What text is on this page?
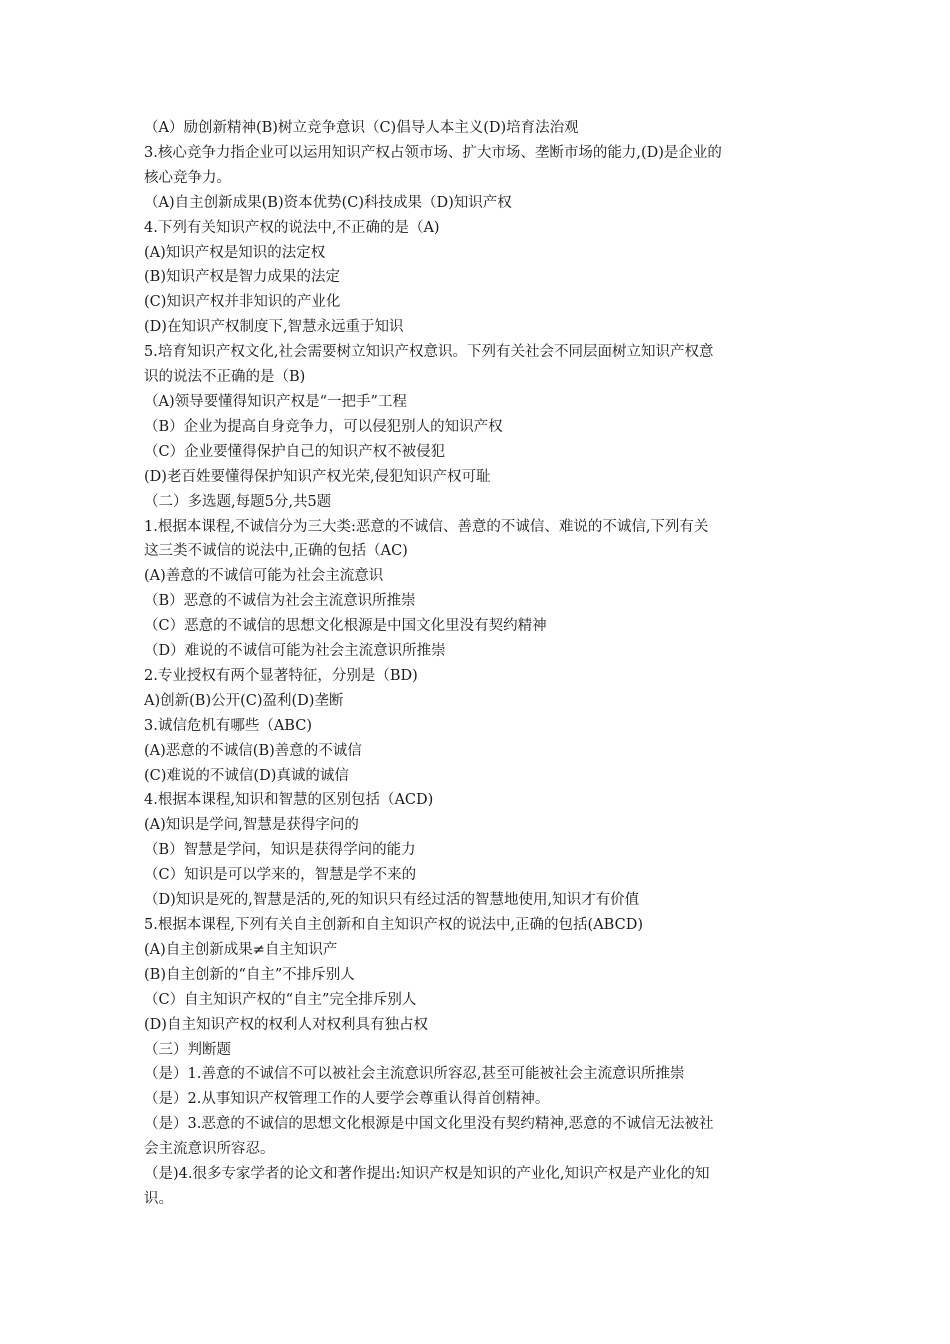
（A）励创新精神(B)树立竞争意识（C)倡导人本主义(D)培育法治观
3.核心竞争力指企业可以运用知识产权占领市场、扩大市场、垄断市场的能力,(D)是企业的
核心竞争力。
（A)自主创新成果(B)资本优势(C)科技成果（D)知识产权
4.下列有关知识产权的说法中,不正确的是（A)
(A)知识产权是知识的法定权
(B)知识产权是智力成果的法定
(C)知识产权并非知识的产业化
(D)在知识产权制度下,智慧永远重于知识
5.培育知识产权文化,社会需要树立知识产权意识。下列有关社会不同层面树立知识产权意
识的说法不正确的是（B)
（A)领导要懂得知识产权是“一把手”工程
（B）企业为提高自身竞争力，可以侵犯别人的知识产权
（C）企业要懂得保护自己的知识产权不被侵犯
(D)老百姓要懂得保护知识产权光荣,侵犯知识产权可耻
（二）多选题,每题5分,共5题
1.根据本课程,不诚信分为三大类:恶意的不诚信、善意的不诚信、难说的不诚信,下列有关
这三类不诚信的说法中,正确的包括（AC)
(A)善意的不诚信可能为社会主流意识
（B）恶意的不诚信为社会主流意识所推崇
（C）恶意的不诚信的思想文化根源是中国文化里没有契约精神
（D）难说的不诚信可能为社会主流意识所推崇
2.专业授权有两个显著特征，分别是（BD)
A)创新(B)公开(C)盈利(D)垄断
3.诚信危机有哪些（ABC)
(A)恶意的不诚信(B)善意的不诚信
(C)难说的不诚信(D)真诚的诚信
4.根据本课程,知识和智慧的区别包括（ACD)
(A)知识是学问,智慧是获得字问的
（B）智慧是学问，知识是获得学问的能力
（C）知识是可以学来的，智慧是学不来的
（D)知识是死的,智慧是活的,死的知识只有经过活的智慧地使用,知识才有价值
5.根据本课程,下列有关自主创新和自主知识产权的说法中,正确的包括(ABCD)
(A)自主创新成果≠自主知识产
(B)自主创新的“自主”不排斥别人
（C）自主知识产权的“自主”完全排斥别人
(D)自主知识产权的权利人对权利具有独占权
（三）判断题
（是）1.善意的不诚信不可以被社会主流意识所容忍,甚至可能被社会主流意识所推崇
（是）2.从事知识产权管理工作的人要学会尊重认得首创精神。
（是）3.恶意的不诚信的思想文化根源是中国文化里没有契约精神,恶意的不诚信无法被社
会主流意识所容忍。
（是)4.很多专家学者的论文和著作提出:知识产权是知识的产业化,知识产权是产业化的知
识。
